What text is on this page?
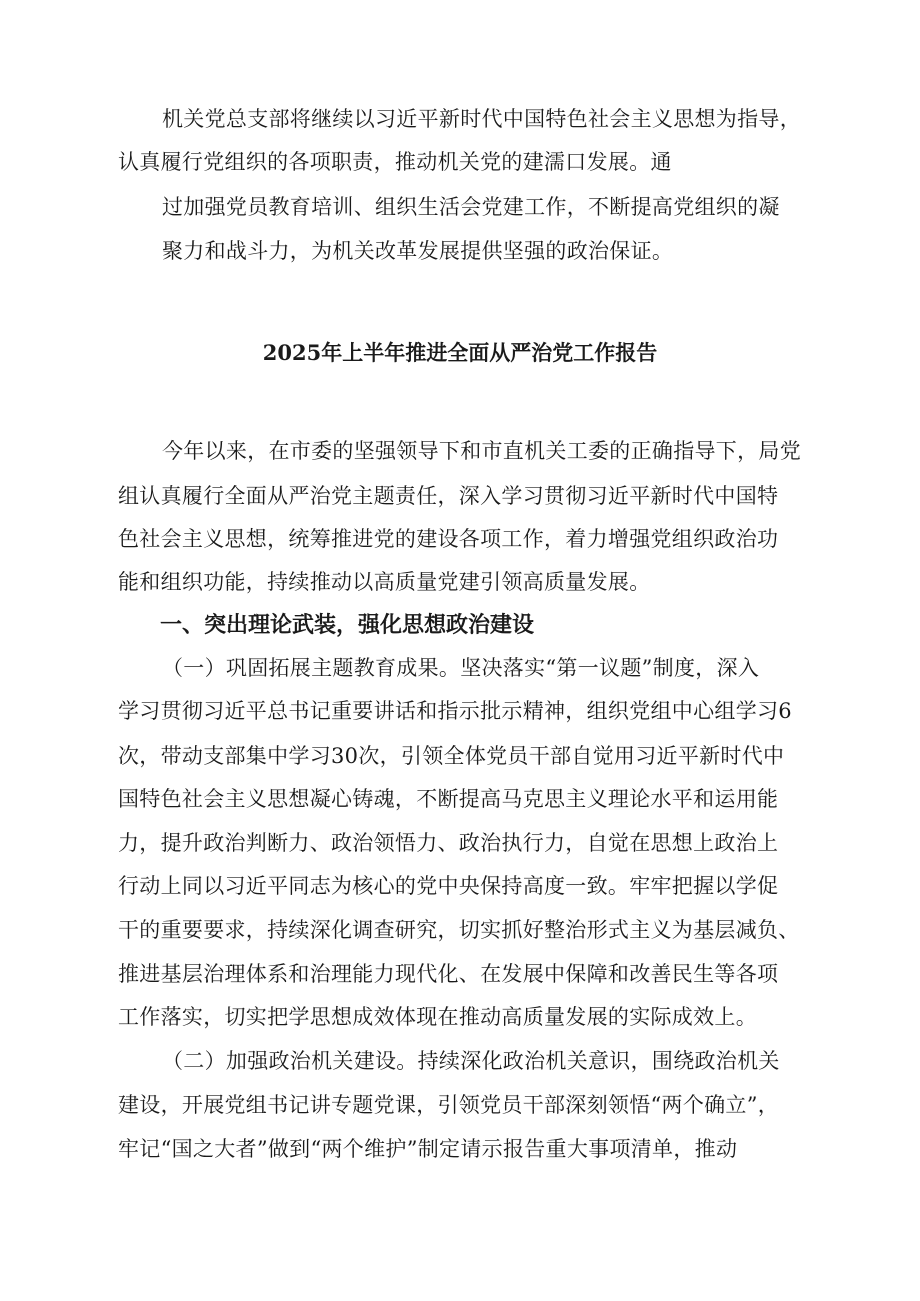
机关党总支部将继续以习近平新时代中国特色社会主义思想为指导，
认真履行党组织的各项职责，推动机关党的建濡口发展。通
过加强党员教育培训、组织生活会党建工作，不断提高党组织的凝
聚力和战斗力，为机关改革发展提供坚强的政治保证。
2025年上半年推进全面从严治党工作报告
今年以来，在市委的坚强领导下和市直机关工委的正确指导下，局党
组认真履行全面从严治党主题责任，深入学习贯彻习近平新时代中国特
色社会主义思想，统筹推进党的建设各项工作，着力增强党组织政治功
能和组织功能，持续推动以高质量党建引领高质量发展。
一、突出理论武装，强化思想政治建设
（一）巩固拓展主题教育成果。坚决落实“第一议题”制度，深入
学习贯彻习近平总书记重要讲话和指示批示精神，组织党组中心组学习6
次，带动支部集中学习30次，引领全体党员干部自觉用习近平新时代中
国特色社会主义思想凝心铸魂，不断提高马克思主义理论水平和运用能
力，提升政治判断力、政治领悟力、政治执行力，自觉在思想上政治上
行动上同以习近平同志为核心的党中央保持高度一致。牢牢把握以学促
干的重要要求，持续深化调查研究，切实抓好整治形式主义为基层减负、
推进基层治理体系和治理能力现代化、在发展中保障和改善民生等各项
工作落实，切实把学思想成效体现在推动高质量发展的实际成效上。
（二）加强政治机关建设。持续深化政治机关意识，围绕政治机关
建设，开展党组书记讲专题党课，引领党员干部深刻领悟“两个确立”，
牢记“国之大者”做到“两个维护”制定请示报告重大事项清单，推动
